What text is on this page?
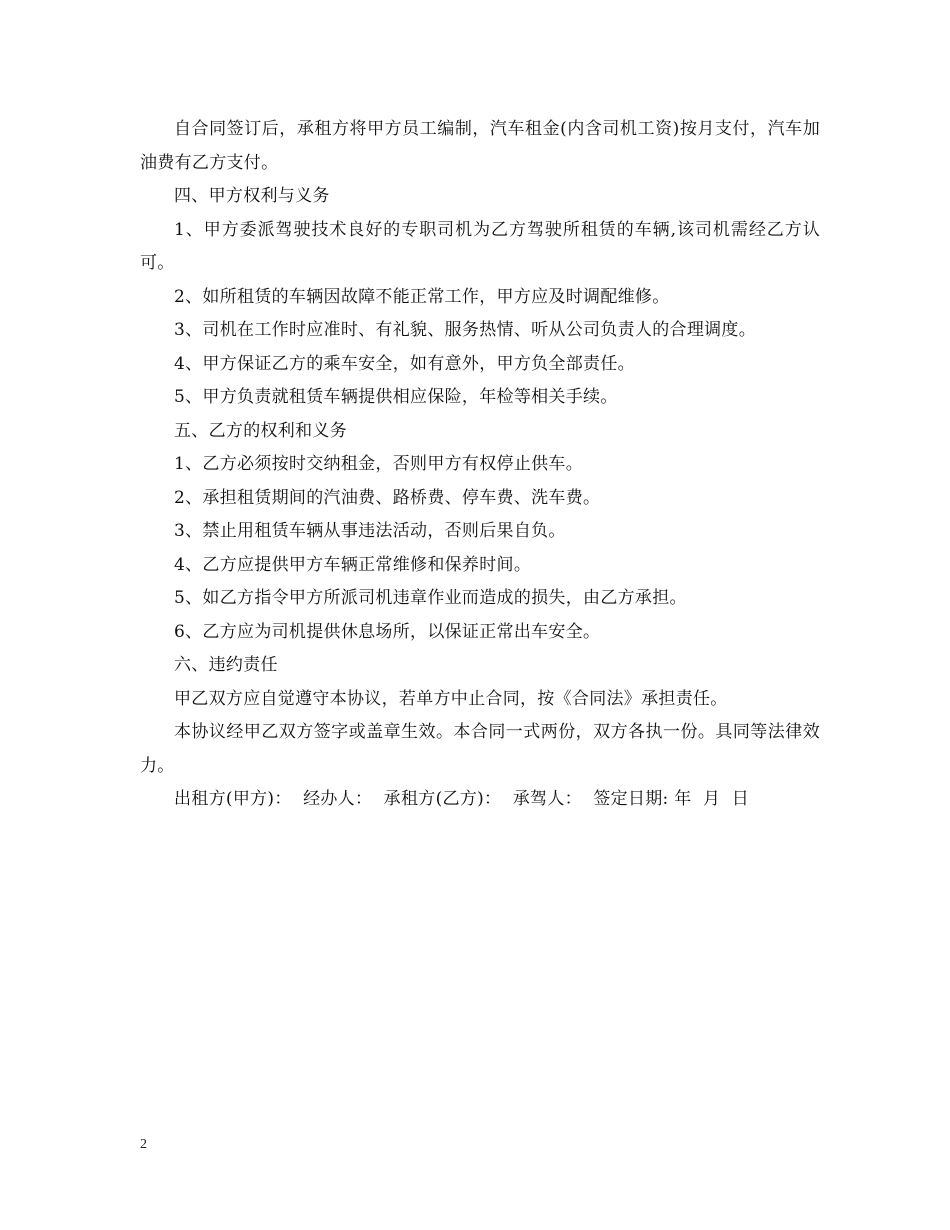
自合同签订后，承租方将甲方员工编制，汽车租金(内含司机工资)按月支付，汽车加油费有乙方支付。

四、甲方权利与义务

1、甲方委派驾驶技术良好的专职司机为乙方驾驶所租赁的车辆,该司机需经乙方认可。

2、如所租赁的车辆因故障不能正常工作，甲方应及时调配维修。

3、司机在工作时应准时、有礼貌、服务热情、听从公司负责人的合理调度。

4、甲方保证乙方的乘车安全，如有意外，甲方负全部责任。

5、甲方负责就租赁车辆提供相应保险，年检等相关手续。

五、乙方的权利和义务

1、乙方必须按时交纳租金，否则甲方有权停止供车。

2、承担租赁期间的汽油费、路桥费、停车费、洗车费。

3、禁止用租赁车辆从事违法活动，否则后果自负。

4、乙方应提供甲方车辆正常维修和保养时间。

5、如乙方指令甲方所派司机违章作业而造成的损失，由乙方承担。

6、乙方应为司机提供休息场所，以保证正常出车安全。

六、违约责任

甲乙双方应自觉遵守本协议，若单方中止合同，按《合同法》承担责任。

本协议经甲乙双方签字或盖章生效。本合同一式两份，双方各执一份。具同等法律效力。

出租方(甲方)：  经办人：  承租方(乙方)：  承驾人：  签定日期: 年  月  日

2
